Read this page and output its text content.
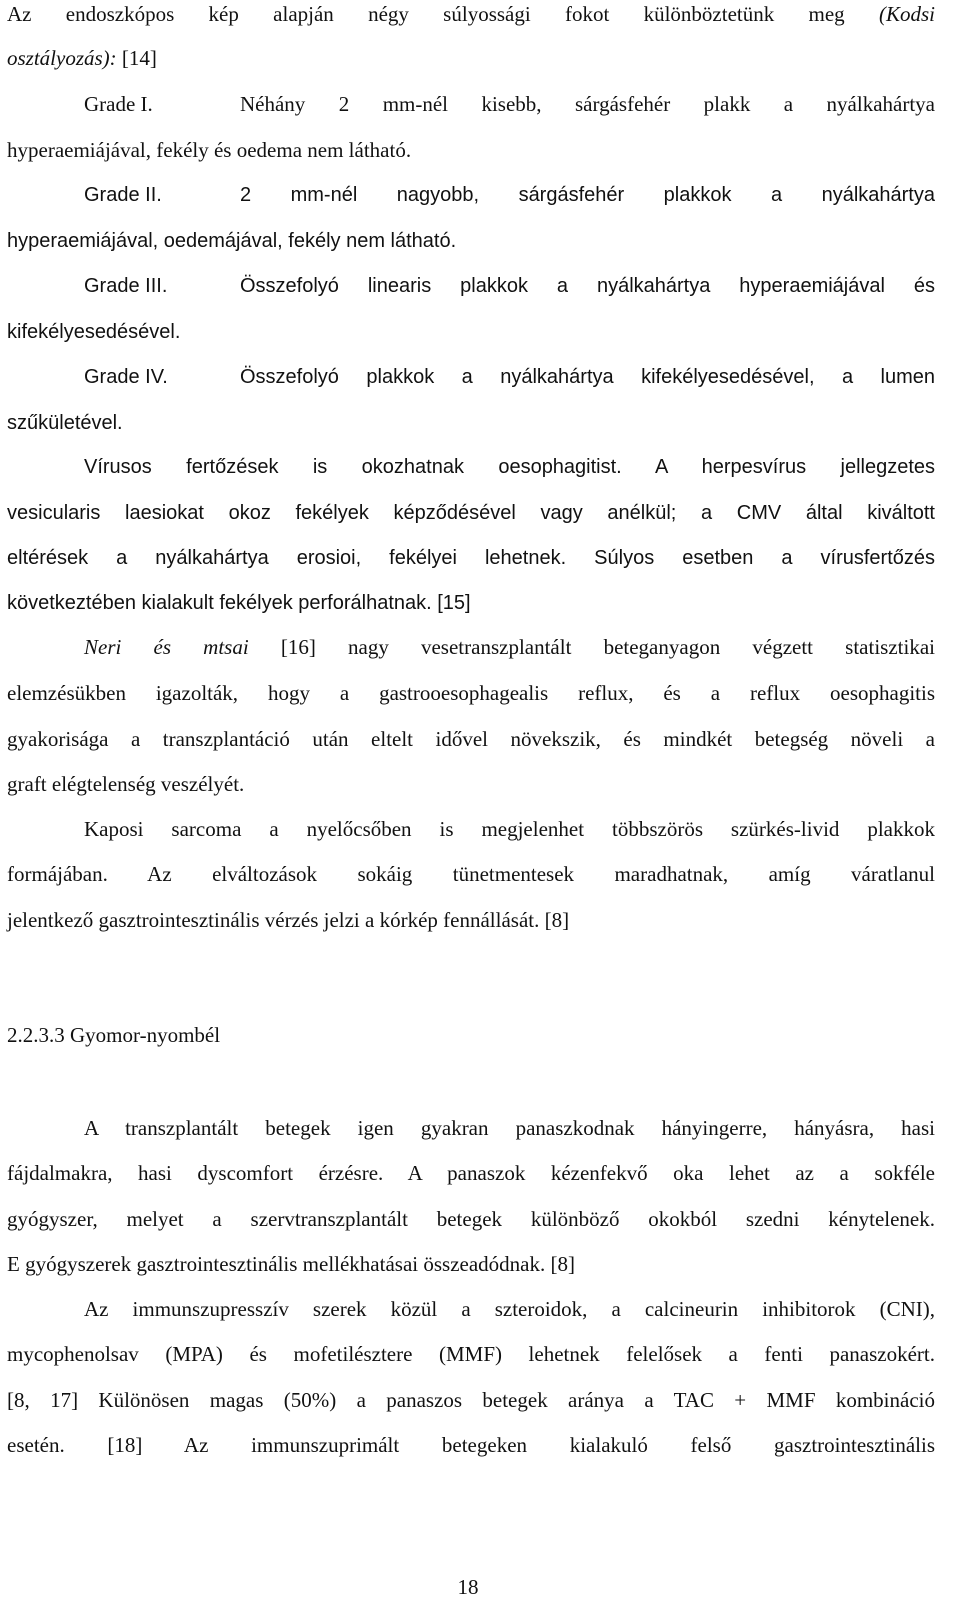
Az endoszkópos kép alapján négy súlyossági fokot különböztetünk meg (Kodsi
osztályozás): [14]
Grade I.	Néhány 2 mm-nél kisebb, sárgásfehér plakk a nyálkahártya
hyperaemiájával, fekély és oedema nem látható.
Grade II.	2 mm-nél nagyobb, sárgásfehér plakkok a nyálkahártya
hyperaemiájával, oedemájával, fekély nem látható.
Grade III.	Összefolyó linearis plakkok a nyálkahártya hyperaemiájával és
kifekélyesedésével.
Grade IV.	Összefolyó plakkok a nyálkahártya kifekélyesedésével, a lumen
szűkületével.
Vírusos fertőzések is okozhatnak oesophagitist. A herpesvírus jellegzetes
vesicularis laesiokat okoz fekélyek képződésével vagy anélkül; a CMV által kiváltott
eltérések a nyálkahártya erosioi, fekélyei lehetnek. Súlyos esetben a vírusfertőzés
következtében kialakult fekélyek perforálhatnak. [15]
Neri és mtsai [16] nagy vesetranszplantált beteganyagon végzett statisztikai
elemzésükben igazolták, hogy a gastrooesophagealis reflux, és a reflux oesophagitis
gyakorisága a transzplantáció után eltelt idővel növekszik, és mindkét betegség növeli a
graft elégtelenség veszélyét.
Kaposi sarcoma a nyelőcsőben is megjelenhet többszörös szürkés-livid plakkok
formájában. Az elváltozások sokáig tünetmentesek maradhatnak, amíg váratlanul
jelentkező gasztrointesztinális vérzés jelzi a kórkép fennállását. [8]
2.2.3.3 Gyomor-nyombél
A transzplantált betegek igen gyakran panaszkodnak hányingerre, hányásra, hasi
fájdalmakra, hasi dyscomfort érzésre. A panaszok kézenfekvő oka lehet az a sokféle
gyógyszer, melyet a szervtranszplantált betegek különböző okokból szedni kénytelenek.
E gyógyszerek gasztrointesztinális mellékhatásai összeadódnak. [8]
Az immunszupresszív szerek közül a szteroidok, a calcineurin inhibitorok (CNI),
mycophenolsav (MPA) és mofetilésztere (MMF) lehetnek felelősek a fenti panaszokért.
[8, 17] Különösen magas (50%) a panaszos betegek aránya a TAC + MMF kombináció
esetén. [18] Az immunszuprimált betegeken kialakuló felső gasztrointesztinális
18
